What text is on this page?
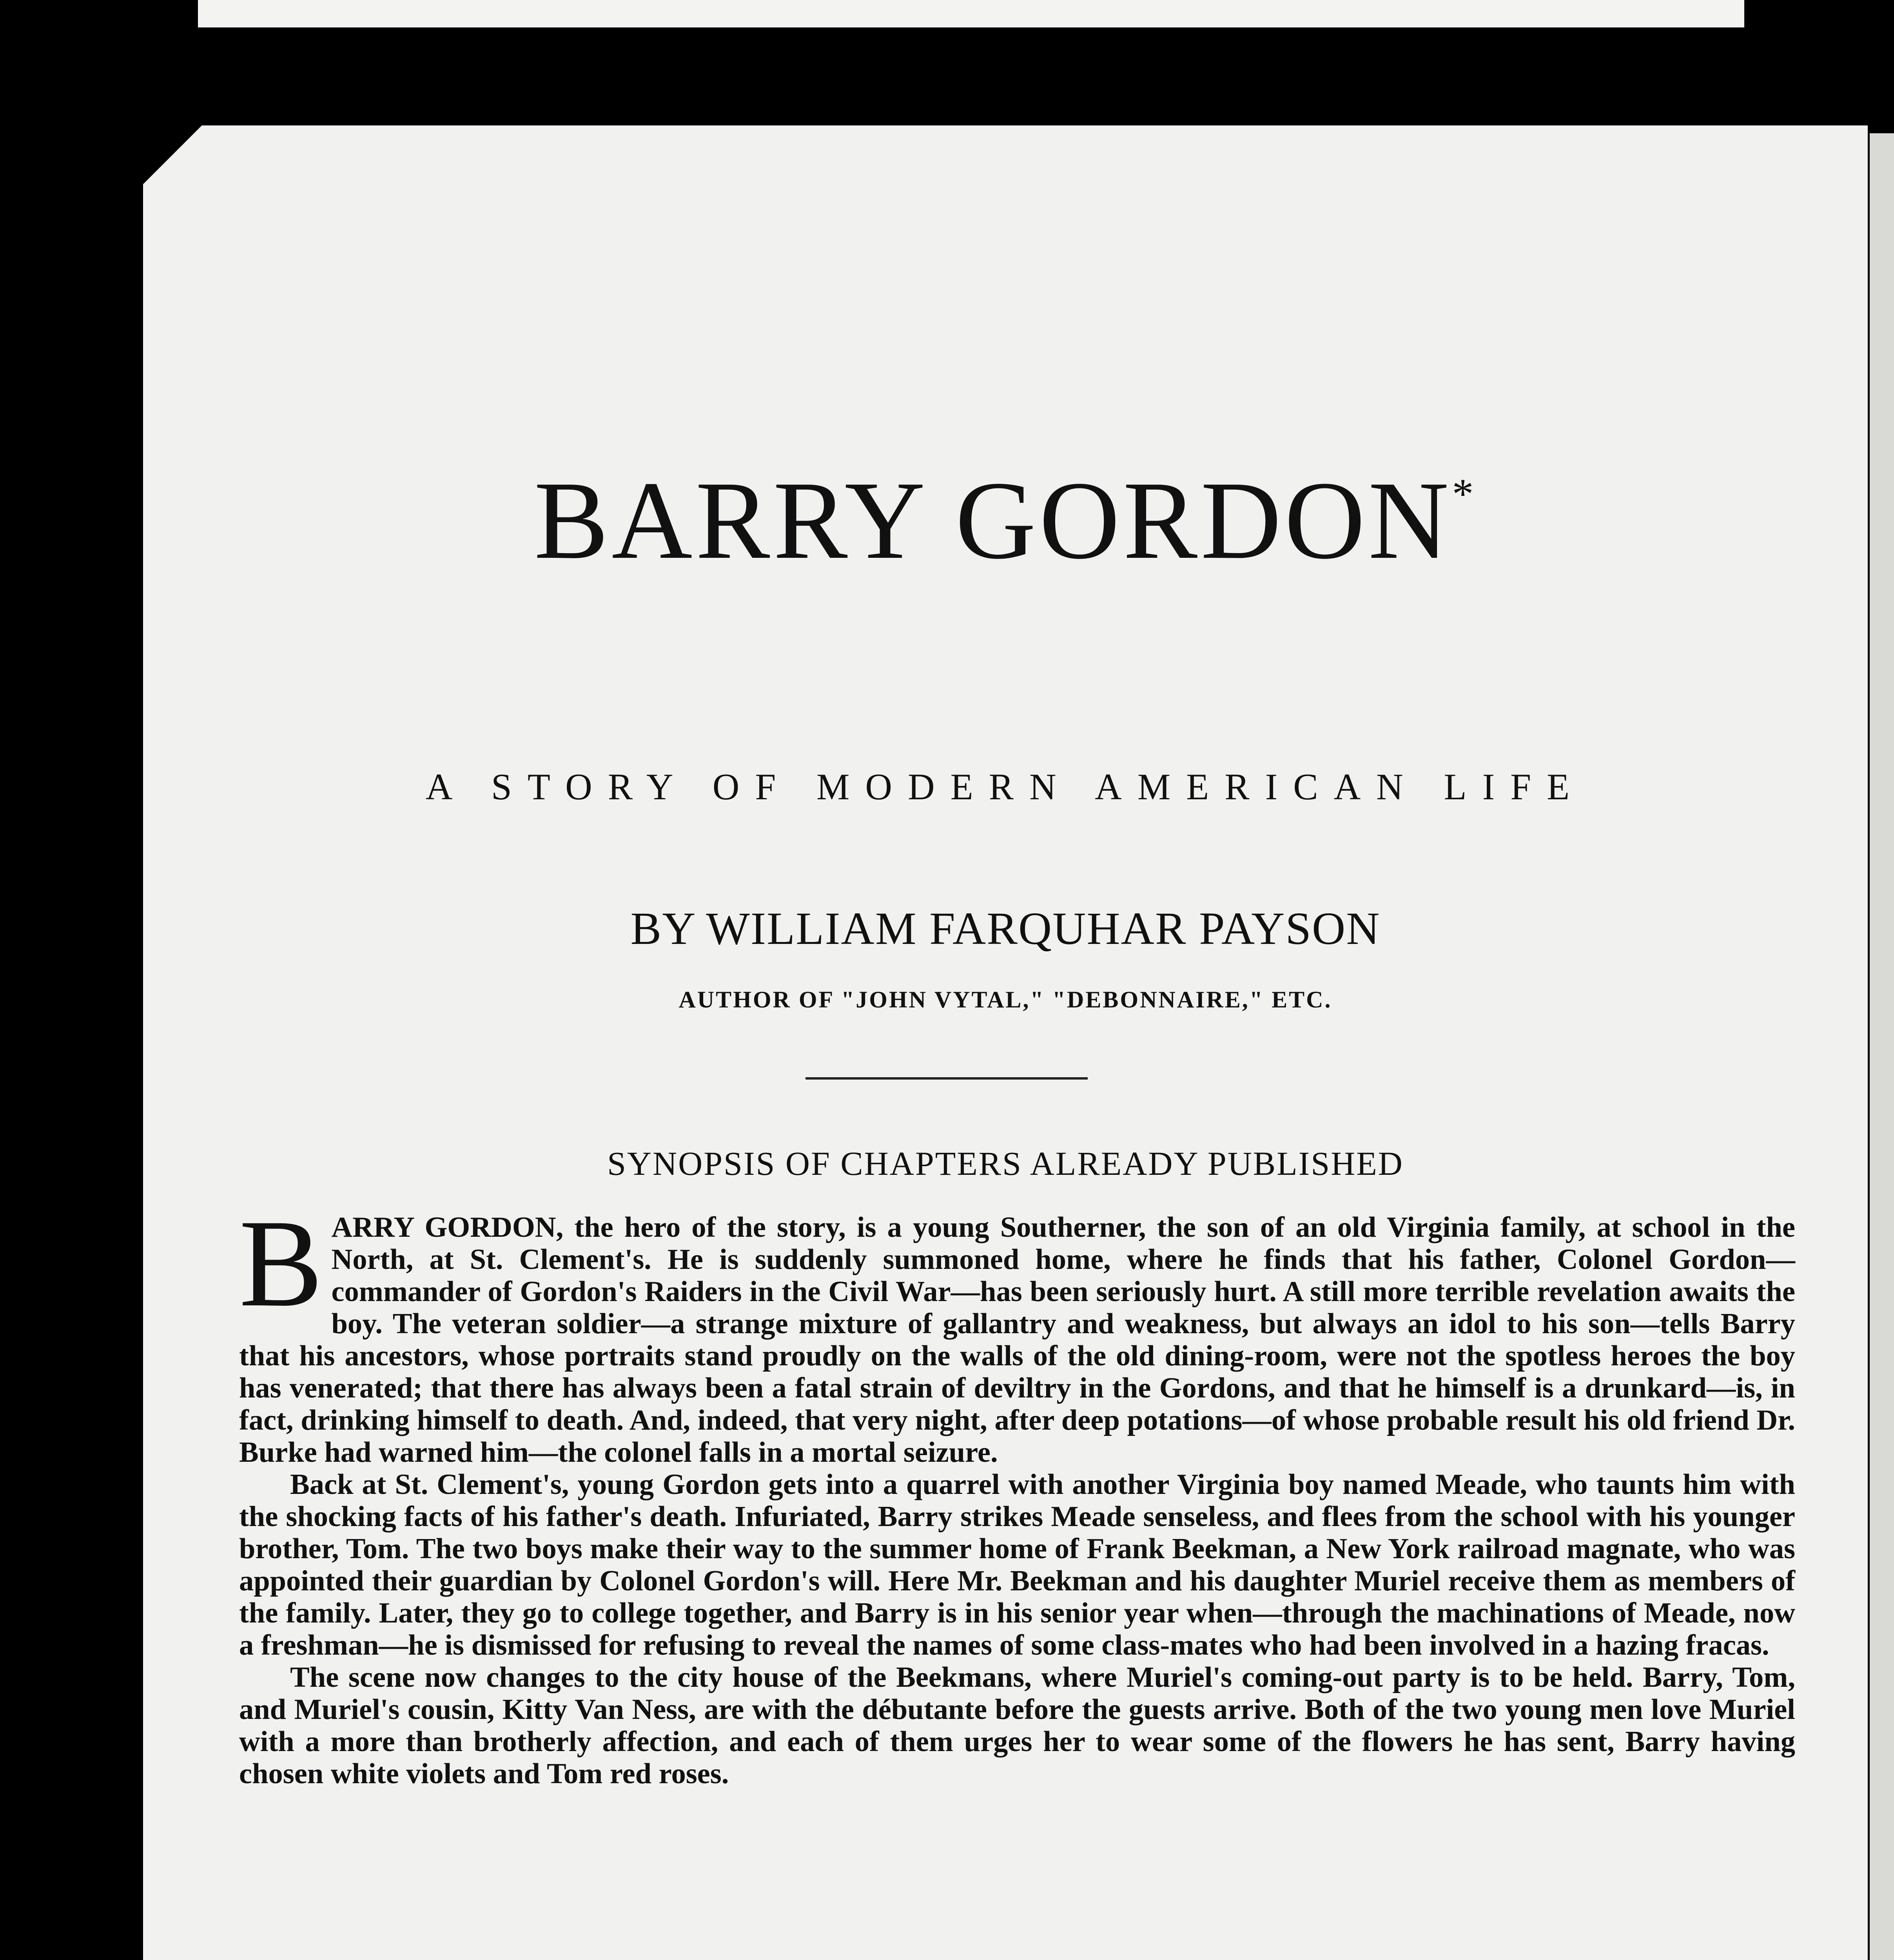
BARRY GORDON*
A STORY OF MODERN AMERICAN LIFE
BY WILLIAM FARQUHAR PAYSON
AUTHOR OF "JOHN VYTAL," "DEBONNAIRE," ETC.
SYNOPSIS OF CHAPTERS ALREADY PUBLISHED

BARRY GORDON, the hero of the story, is a young Southerner, the son of an old Virginia family, at school in the North, at St. Clement's. He is suddenly summoned home, where he finds that his father, Colonel Gordon—commander of Gordon's Raiders in the Civil War—has been seriously hurt. A still more terrible revelation awaits the boy. The veteran soldier—a strange mixture of gallantry and weakness, but always an idol to his son—tells Barry that his ancestors, whose portraits stand proudly on the walls of the old dining-room, were not the spotless heroes the boy has venerated; that there has always been a fatal strain of deviltry in the Gordons, and that he himself is a drunkard—is, in fact, drinking himself to death. And, indeed, that very night, after deep potations—of whose probable result his old friend Dr. Burke had warned him—the colonel falls in a mortal seizure.

Back at St. Clement's, young Gordon gets into a quarrel with another Virginia boy named Meade, who taunts him with the shocking facts of his father's death. Infuriated, Barry strikes Meade senseless, and flees from the school with his younger brother, Tom. The two boys make their way to the summer home of Frank Beekman, a New York railroad magnate, who was appointed their guardian by Colonel Gordon's will. Here Mr. Beekman and his daughter Muriel receive them as members of the family. Later, they go to college together, and Barry is in his senior year when—through the machinations of Meade, now a freshman—he is dismissed for refusing to reveal the names of some class-mates who had been involved in a hazing fracas.

The scene now changes to the city house of the Beekmans, where Muriel's coming-out party is to be held. Barry, Tom, and Muriel's cousin, Kitty Van Ness, are with the débutante before the guests arrive. Both of the two young men love Muriel with a more than brotherly affection, and each of them urges her to wear some of the flowers he has sent, Barry having chosen white violets and Tom red roses.
